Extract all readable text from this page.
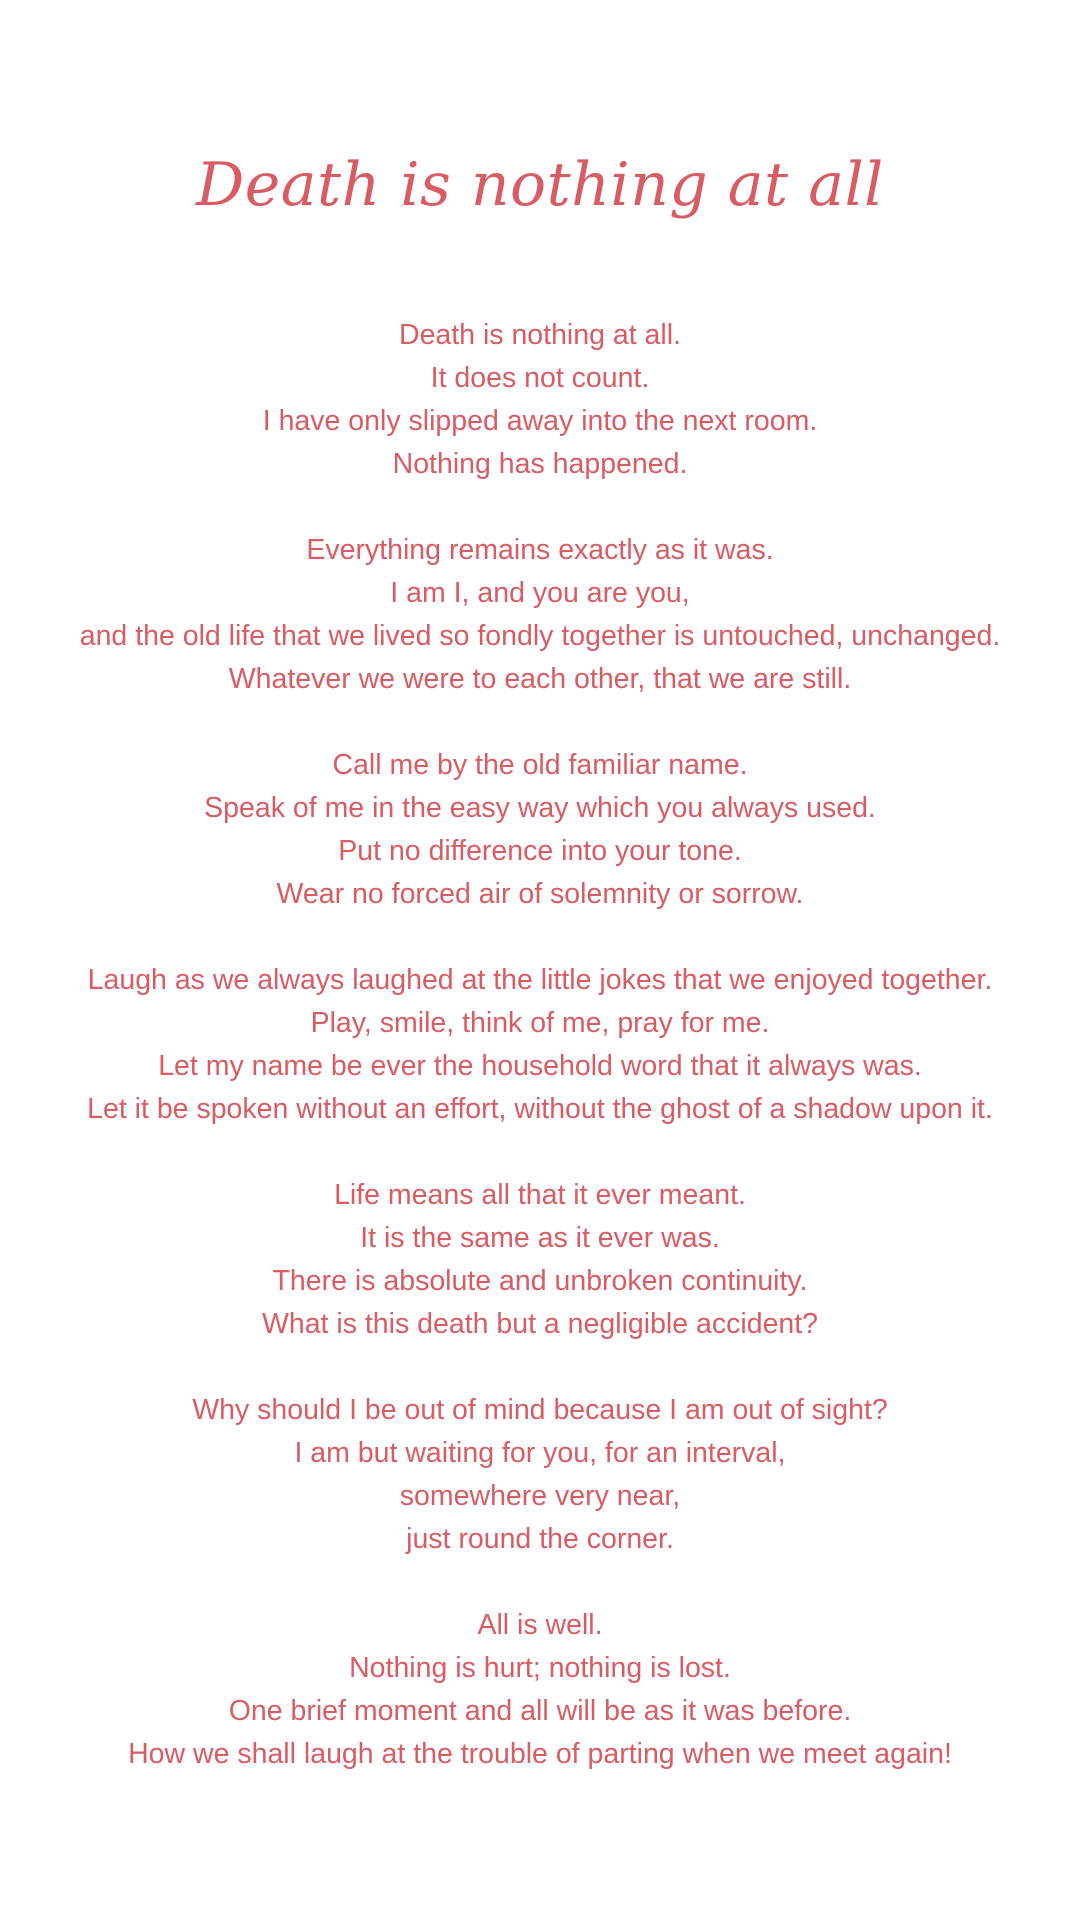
Death is nothing at all
Death is nothing at all.
It does not count.
I have only slipped away into the next room.
Nothing has happened.
Everything remains exactly as it was.
I am I, and you are you,
and the old life that we lived so fondly together is untouched, unchanged.
Whatever we were to each other, that we are still.
Call me by the old familiar name.
Speak of me in the easy way which you always used.
Put no difference into your tone.
Wear no forced air of solemnity or sorrow.
Laugh as we always laughed at the little jokes that we enjoyed together.
Play, smile, think of me, pray for me.
Let my name be ever the household word that it always was.
Let it be spoken without an effort, without the ghost of a shadow upon it.
Life means all that it ever meant.
It is the same as it ever was.
There is absolute and unbroken continuity.
What is this death but a negligible accident?
Why should I be out of mind because I am out of sight?
I am but waiting for you, for an interval,
somewhere very near,
just round the corner.
All is well.
Nothing is hurt; nothing is lost.
One brief moment and all will be as it was before.
How we shall laugh at the trouble of parting when we meet again!
